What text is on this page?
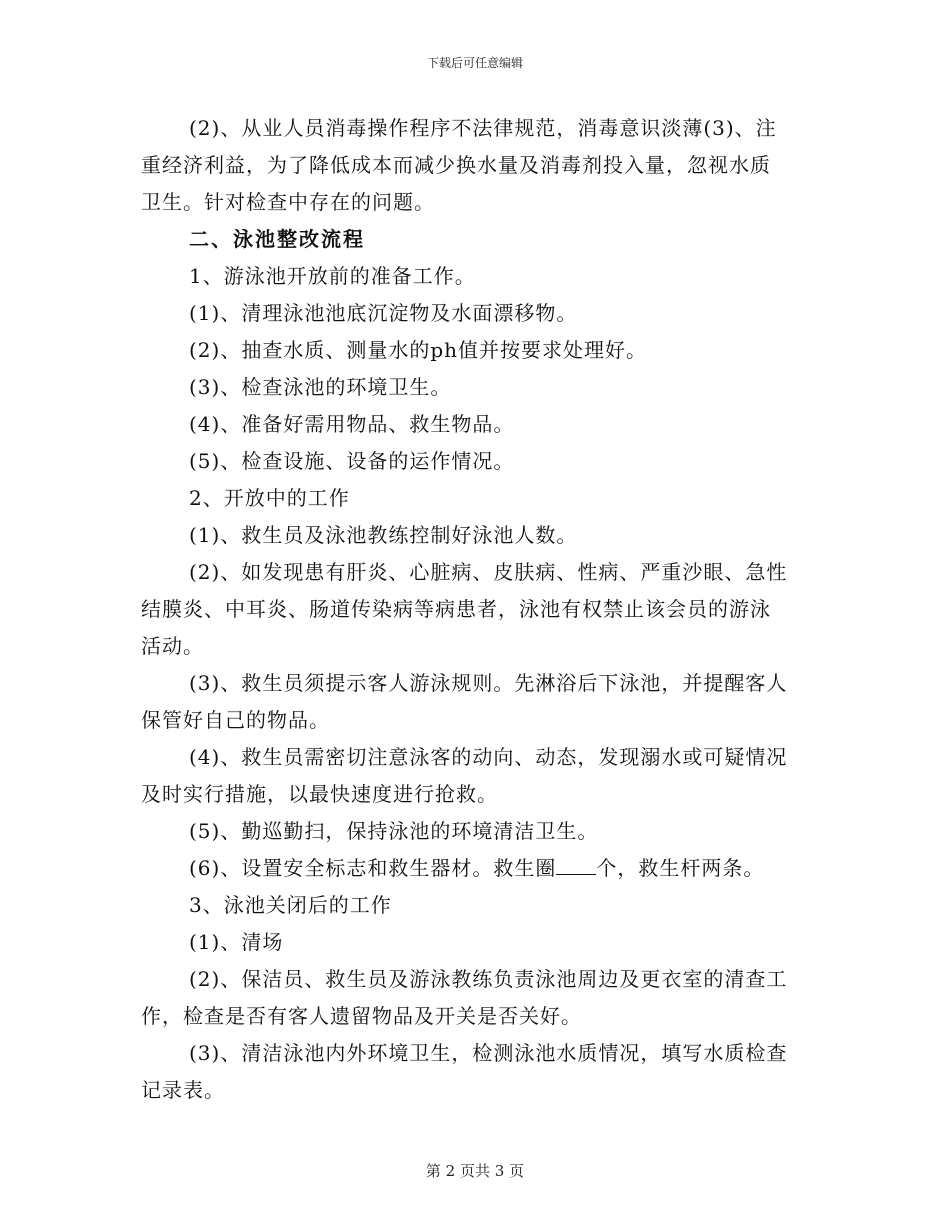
下载后可任意编辑
(2)、从业人员消毒操作程序不法律规范，消毒意识淡薄(3)、注
重经济利益，为了降低成本而减少换水量及消毒剂投入量，忽视水质
卫生。针对检查中存在的问题。
二、泳池整改流程
1、游泳池开放前的准备工作。
(1)、清理泳池池底沉淀物及水面漂移物。
(2)、抽查水质、测量水的ph值并按要求处理好。
(3)、检查泳池的环境卫生。
(4)、准备好需用物品、救生物品。
(5)、检查设施、设备的运作情况。
2、开放中的工作
(1)、救生员及泳池教练控制好泳池人数。
(2)、如发现患有肝炎、心脏病、皮肤病、性病、严重沙眼、急性
结膜炎、中耳炎、肠道传染病等病患者，泳池有权禁止该会员的游泳
活动。
(3)、救生员须提示客人游泳规则。先淋浴后下泳池，并提醒客人
保管好自己的物品。
(4)、救生员需密切注意泳客的动向、动态，发现溺水或可疑情况
及时实行措施，以最快速度进行抢救。
(5)、勤巡勤扫，保持泳池的环境清洁卫生。
(6)、设置安全标志和救生器材。救生圈 个，救生杆两条。
3、泳池关闭后的工作
(1)、清场
(2)、保洁员、救生员及游泳教练负责泳池周边及更衣室的清查工
作，检查是否有客人遗留物品及开关是否关好。
(3)、清洁泳池内外环境卫生，检测泳池水质情况，填写水质检查
记录表。
第 2 页共 3 页
